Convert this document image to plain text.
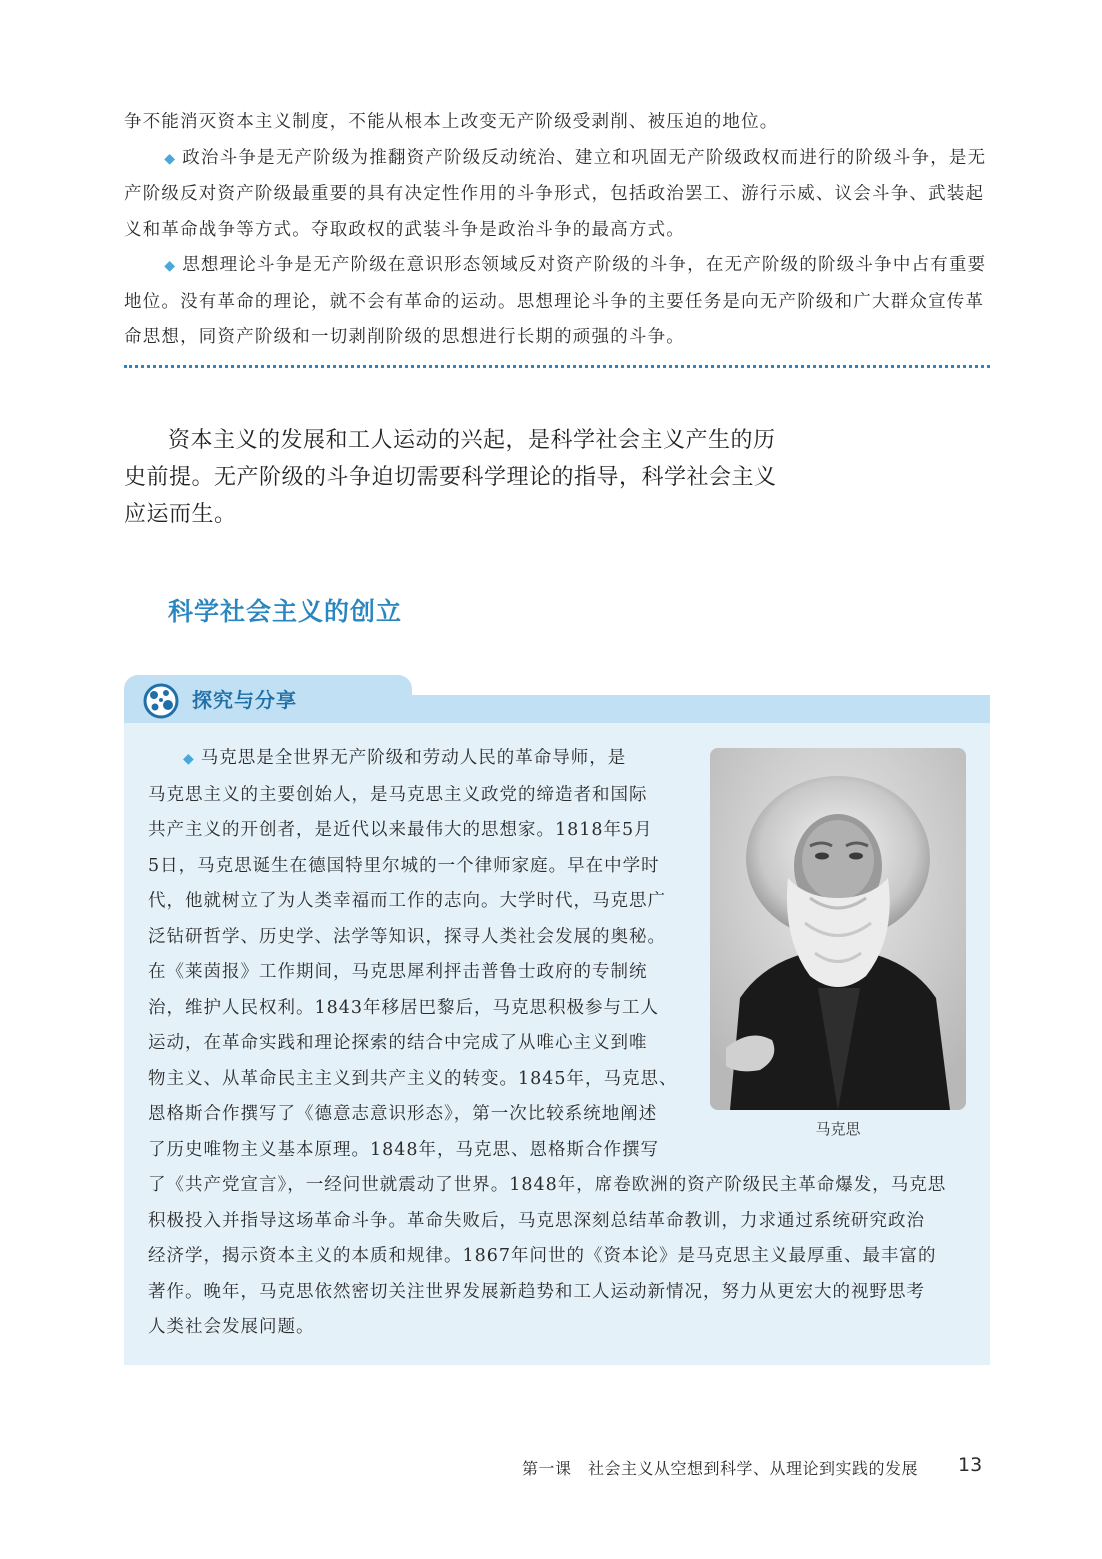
争不能消灭资本主义制度，不能从根本上改变无产阶级受剥削、被压迫的地位。

◆ 政治斗争是无产阶级为推翻资产阶级反动统治、建立和巩固无产阶级政权而进行的阶级斗争，是无产阶级反对资产阶级最重要的具有决定性作用的斗争形式，包括政治罢工、游行示威、议会斗争、武装起义和革命战争等方式。夺取政权的武装斗争是政治斗争的最高方式。

◆ 思想理论斗争是无产阶级在意识形态领域反对资产阶级的斗争，在无产阶级的阶级斗争中占有重要地位。没有革命的理论，就不会有革命的运动。思想理论斗争的主要任务是向无产阶级和广大群众宣传革命思想，同资产阶级和一切剥削阶级的思想进行长期的顽强的斗争。

资本主义的发展和工人运动的兴起，是科学社会主义产生的历史前提。无产阶级的斗争迫切需要科学理论的指导，科学社会主义应运而生。

科学社会主义的创立
探究与分享
马克思
◆ 马克思是全世界无产阶级和劳动人民的革命导师，是
马克思主义的主要创始人，是马克思主义政党的缔造者和国际
共产主义的开创者，是近代以来最伟大的思想家。1818年5月
5日，马克思诞生在德国特里尔城的一个律师家庭。早在中学时
代，他就树立了为人类幸福而工作的志向。大学时代，马克思广
泛钻研哲学、历史学、法学等知识，探寻人类社会发展的奥秘。
在《莱茵报》工作期间，马克思犀利抨击普鲁士政府的专制统
治，维护人民权利。1843年移居巴黎后，马克思积极参与工人
运动，在革命实践和理论探索的结合中完成了从唯心主义到唯
物主义、从革命民主主义到共产主义的转变。1845年，马克思、
恩格斯合作撰写了《德意志意识形态》，第一次比较系统地阐述
了历史唯物主义基本原理。1848年，马克思、恩格斯合作撰写
了《共产党宣言》，一经问世就震动了世界。1848年，席卷欧洲的资产阶级民主革命爆发，马克思
积极投入并指导这场革命斗争。革命失败后，马克思深刻总结革命教训，力求通过系统研究政治
经济学，揭示资本主义的本质和规律。1867年问世的《资本论》是马克思主义最厚重、最丰富的
著作。晚年，马克思依然密切关注世界发展新趋势和工人运动新情况，努力从更宏大的视野思考
人类社会发展问题。
第一课　社会主义从空想到科学、从理论到实践的发展 13
